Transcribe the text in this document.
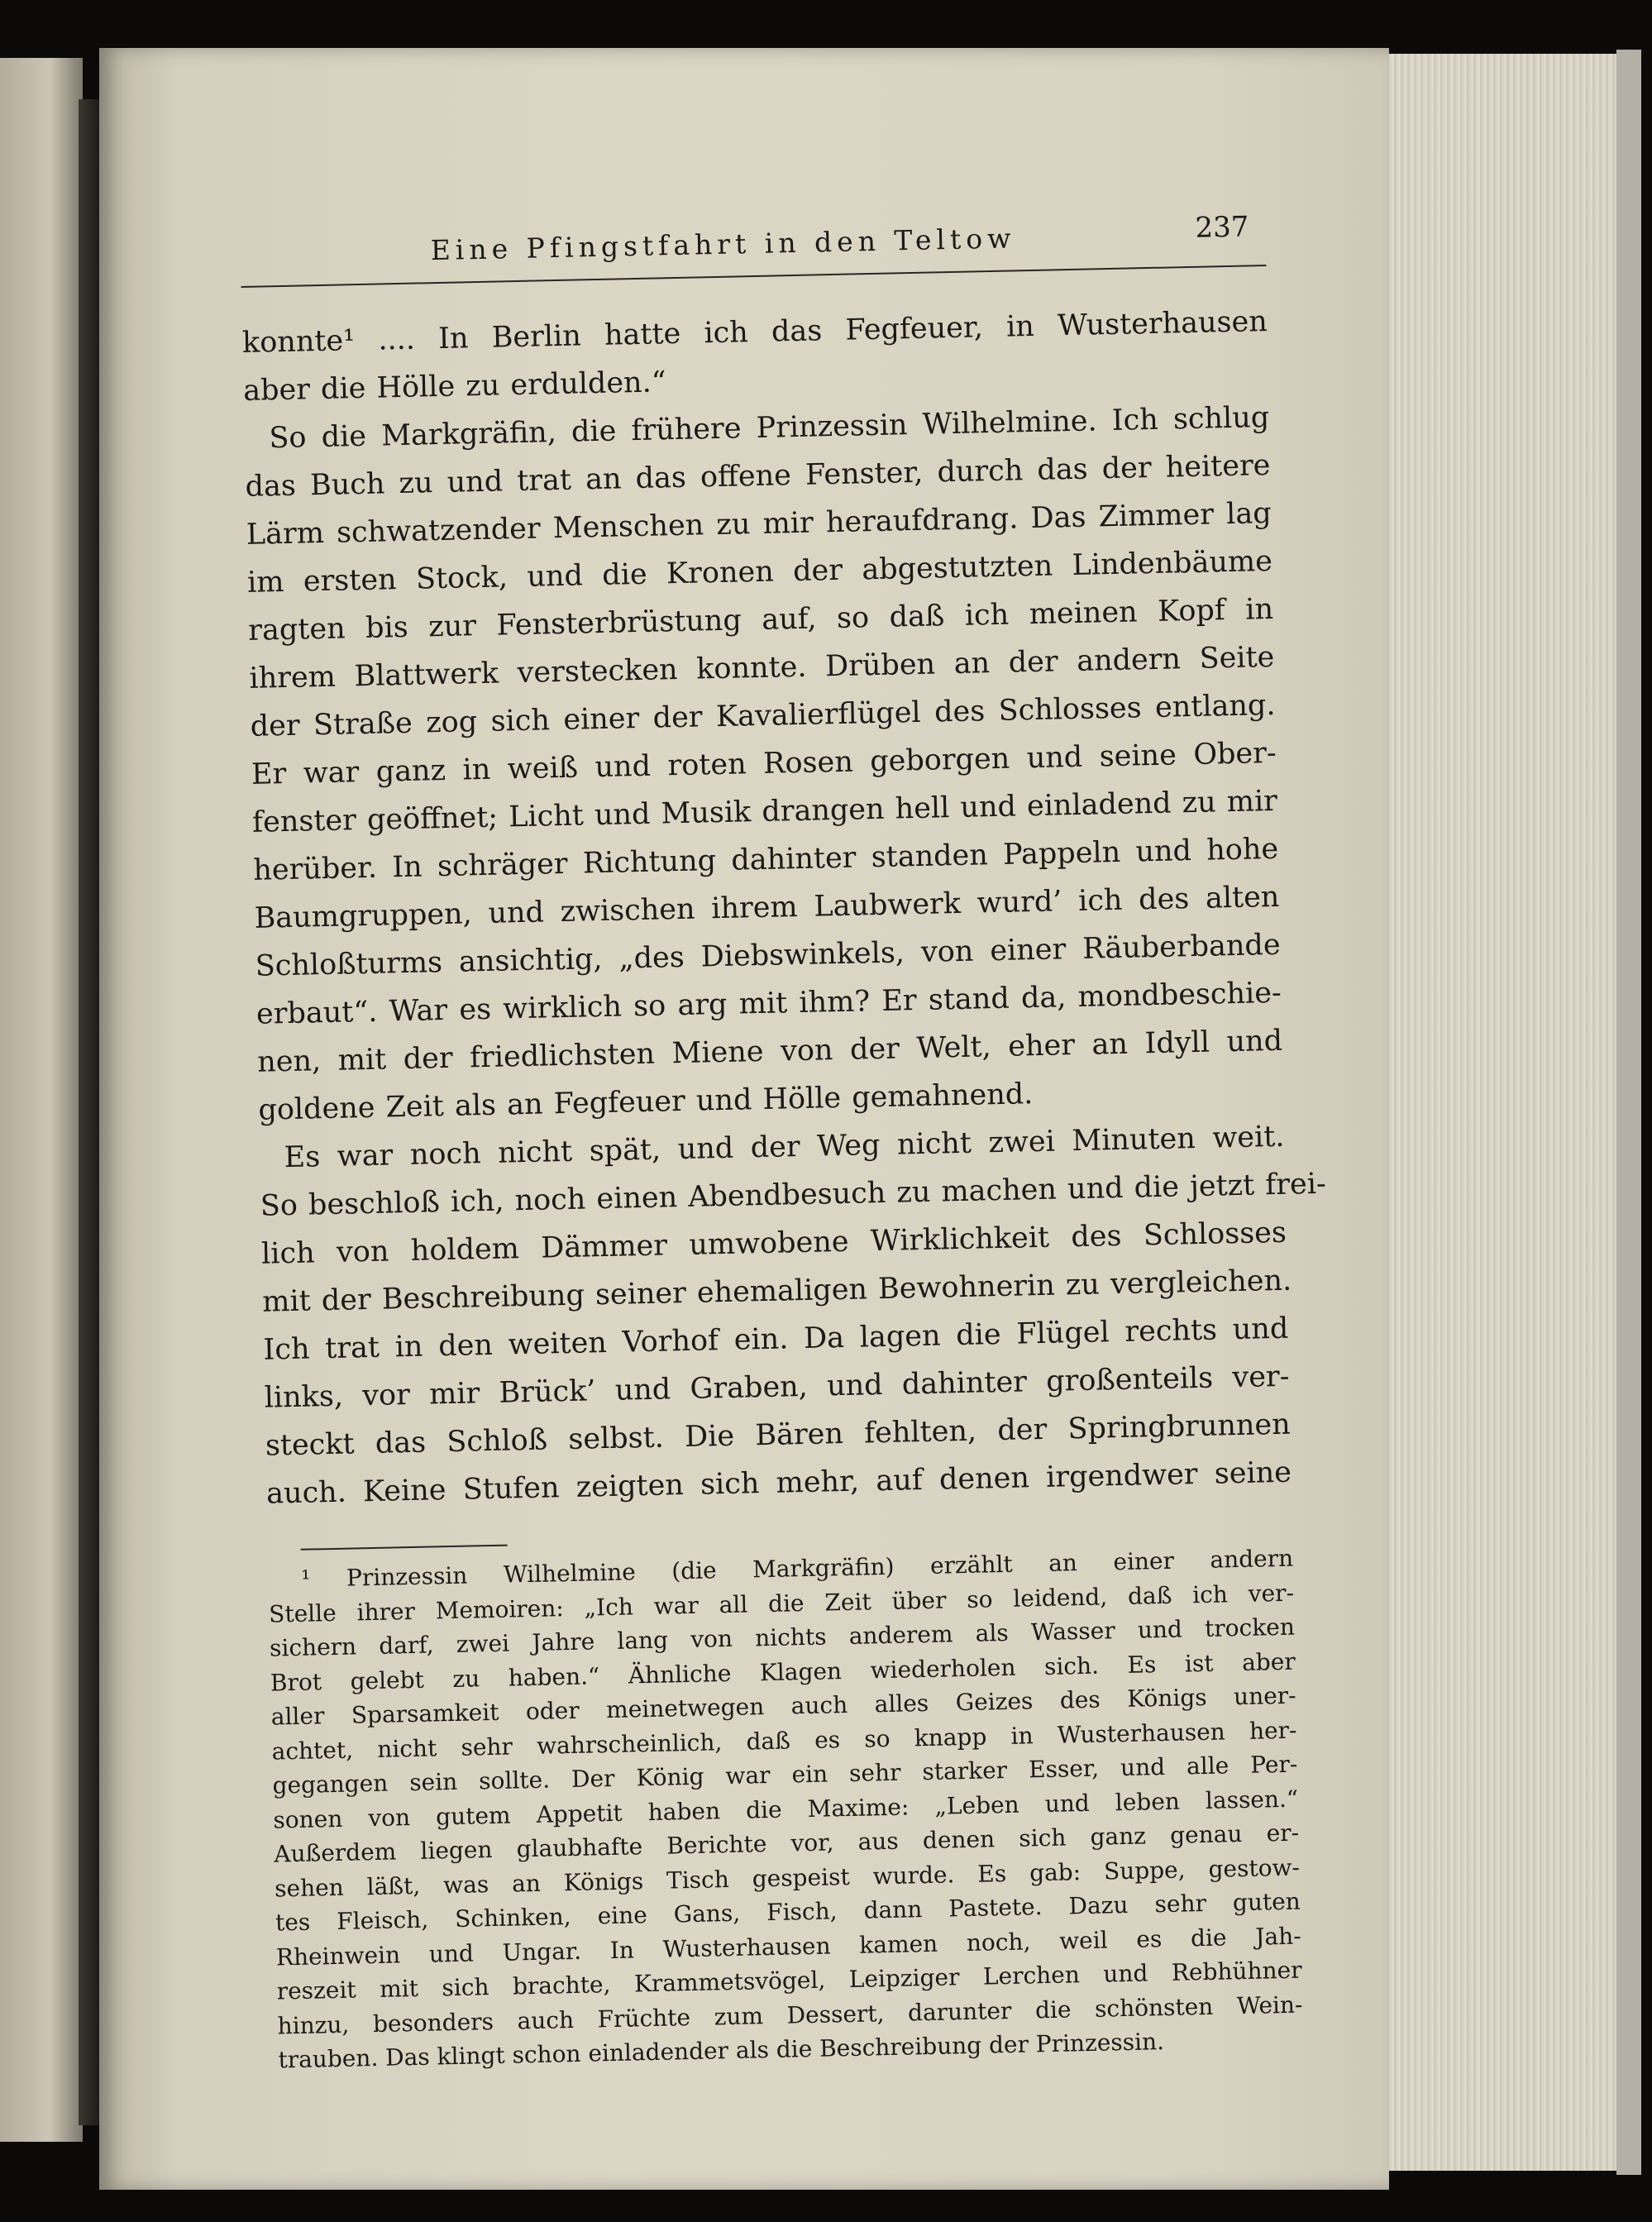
Eine Pfingstfahrt in den Teltow	237
konnte¹ .... In Berlin hatte ich das Fegfeuer, in Wusterhausen
aber die Hölle zu erdulden.“
So die Markgräfin, die frühere Prinzessin Wilhelmine. Ich schlug
das Buch zu und trat an das offene Fenster, durch das der heitere
Lärm schwatzender Menschen zu mir heraufdrang. Das Zimmer lag
im ersten Stock, und die Kronen der abgestutzten Lindenbäume
ragten bis zur Fensterbrüstung auf, so daß ich meinen Kopf in
ihrem Blattwerk verstecken konnte. Drüben an der andern Seite
der Straße zog sich einer der Kavalierflügel des Schlosses entlang.
Er war ganz in weiß und roten Rosen geborgen und seine Ober-
fenster geöffnet; Licht und Musik drangen hell und einladend zu mir
herüber. In schräger Richtung dahinter standen Pappeln und hohe
Baumgruppen, und zwischen ihrem Laubwerk wurd’ ich des alten
Schloßturms ansichtig, „des Diebswinkels, von einer Räuberbande
erbaut“. War es wirklich so arg mit ihm? Er stand da, mondbeschie-
nen, mit der friedlichsten Miene von der Welt, eher an Idyll und
goldene Zeit als an Fegfeuer und Hölle gemahnend.
Es war noch nicht spät, und der Weg nicht zwei Minuten weit.
So beschloß ich, noch einen Abendbesuch zu machen und die jetzt frei-
lich von holdem Dämmer umwobene Wirklichkeit des Schlosses
mit der Beschreibung seiner ehemaligen Bewohnerin zu vergleichen.
Ich trat in den weiten Vorhof ein. Da lagen die Flügel rechts und
links, vor mir Brück’ und Graben, und dahinter großenteils ver-
steckt das Schloß selbst. Die Bären fehlten, der Springbrunnen
auch. Keine Stufen zeigten sich mehr, auf denen irgendwer seine
¹ Prinzessin Wilhelmine (die Markgräfin) erzählt an einer andern
Stelle ihrer Memoiren: „Ich war all die Zeit über so leidend, daß ich ver-
sichern darf, zwei Jahre lang von nichts anderem als Wasser und trocken
Brot gelebt zu haben.“ Ähnliche Klagen wiederholen sich. Es ist aber
aller Sparsamkeit oder meinetwegen auch alles Geizes des Königs uner-
achtet, nicht sehr wahrscheinlich, daß es so knapp in Wusterhausen her-
gegangen sein sollte. Der König war ein sehr starker Esser, und alle Per-
sonen von gutem Appetit haben die Maxime: „Leben und leben lassen.“
Außerdem liegen glaubhafte Berichte vor, aus denen sich ganz genau er-
sehen läßt, was an Königs Tisch gespeist wurde. Es gab: Suppe, gestow-
tes Fleisch, Schinken, eine Gans, Fisch, dann Pastete. Dazu sehr guten
Rheinwein und Ungar. In Wusterhausen kamen noch, weil es die Jah-
reszeit mit sich brachte, Krammetsvögel, Leipziger Lerchen und Rebhühner
hinzu, besonders auch Früchte zum Dessert, darunter die schönsten Wein-
trauben. Das klingt schon einladender als die Beschreibung der Prinzessin.
